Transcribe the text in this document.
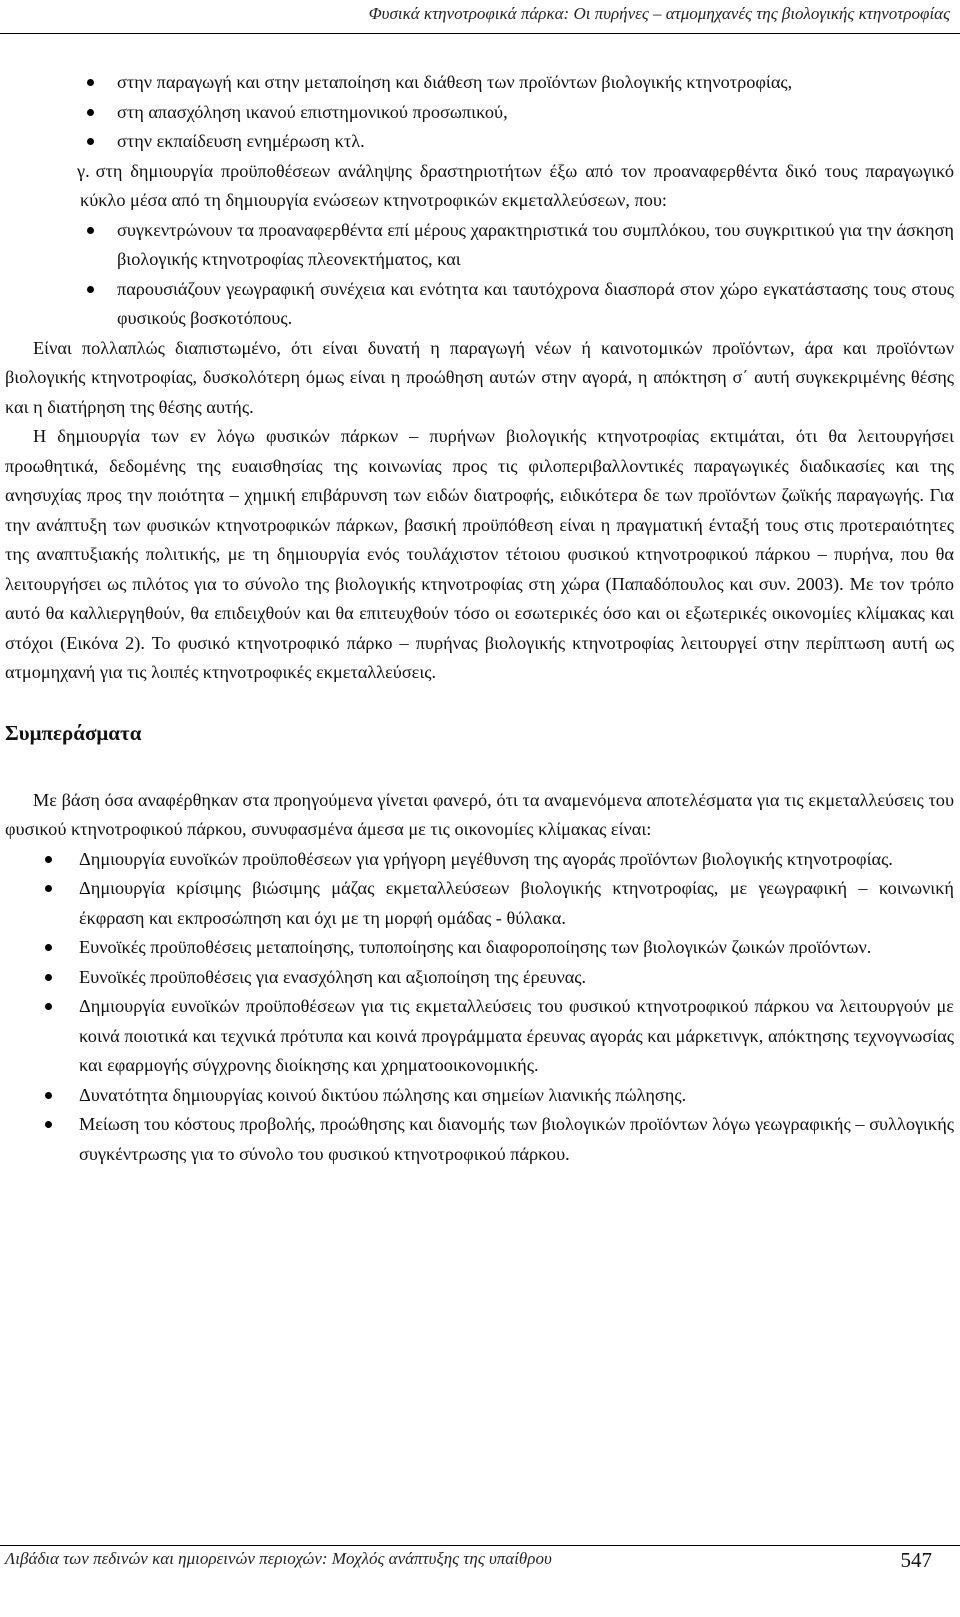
Φυσικά κτηνοτροφικά πάρκα: Οι πυρήνες – ατμομηχανές της βιολογικής κτηνοτροφίας
στην παραγωγή και στην μεταποίηση και διάθεση των προϊόντων βιολογικής κτηνοτροφίας,
στη απασχόληση ικανού επιστημονικού προσωπικού,
στην εκπαίδευση ενημέρωση κτλ.

γ. στη δημιουργία προϋποθέσεων ανάληψης δραστηριοτήτων έξω από τον προαναφερθέντα δικό τους παραγωγικό κύκλο μέσα από τη δημιουργία ενώσεων κτηνοτροφικών εκμεταλλεύσεων, που:

συγκεντρώνουν τα προαναφερθέντα επί μέρους χαρακτηριστικά του συμπλόκου, του συγκριτικού για την άσκηση βιολογικής κτηνοτροφίας πλεονεκτήματος, και
παρουσιάζουν γεωγραφική συνέχεια και ενότητα και ταυτόχρονα διασπορά στον χώρο εγκατάστασης τους στους φυσικούς βοσκοτόπους.

Είναι πολλαπλώς διαπιστωμένο, ότι είναι δυνατή η παραγωγή νέων ή καινοτομικών προϊόντων, άρα και προϊόντων βιολογικής κτηνοτροφίας, δυσκολότερη όμως είναι η προώθηση αυτών στην αγορά, η απόκτηση σ΄ αυτή συγκεκριμένης θέσης και η διατήρηση της θέσης αυτής.

Η δημιουργία των εν λόγω φυσικών πάρκων – πυρήνων βιολογικής κτηνοτροφίας εκτιμάται, ότι θα λειτουργήσει προωθητικά, δεδομένης της ευαισθησίας της κοινωνίας προς τις φιλοπεριβαλλοντικές παραγωγικές διαδικασίες και της ανησυχίας προς την ποιότητα – χημική επιβάρυνση των ειδών διατροφής, ειδικότερα δε των προϊόντων ζωϊκής παραγωγής. Για την ανάπτυξη των φυσικών κτηνοτροφικών πάρκων, βασική προϋπόθεση είναι η πραγματική ένταξή τους στις προτεραιότητες της αναπτυξιακής πολιτικής, με τη δημιουργία ενός τουλάχιστον τέτοιου φυσικού κτηνοτροφικού πάρκου – πυρήνα, που θα λειτουργήσει ως πιλότος για το σύνολο της βιολογικής κτηνοτροφίας στη χώρα (Παπαδόπουλος και συν. 2003). Με τον τρόπο αυτό θα καλλιεργηθούν, θα επιδειχθούν και θα επιτευχθούν τόσο οι εσωτερικές όσο και οι εξωτερικές οικονομίες κλίμακας και στόχοι (Εικόνα 2). Το φυσικό κτηνοτροφικό πάρκο – πυρήνας βιολογικής κτηνοτροφίας λειτουργεί στην περίπτωση αυτή ως ατμομηχανή για τις λοιπές κτηνοτροφικές εκμεταλλεύσεις.

Συμπεράσματα

Με βάση όσα αναφέρθηκαν στα προηγούμενα γίνεται φανερό, ότι τα αναμενόμενα αποτελέσματα για τις εκμεταλλεύσεις του φυσικού κτηνοτροφικού πάρκου, συνυφασμένα άμεσα με τις οικονομίες κλίμακας είναι:

Δημιουργία ευνοϊκών προϋποθέσεων για γρήγορη μεγέθυνση της αγοράς προϊόντων βιολογικής κτηνοτροφίας.
Δημιουργία κρίσιμης βιώσιμης μάζας εκμεταλλεύσεων βιολογικής κτηνοτροφίας, με γεωγραφική – κοινωνική έκφραση και εκπροσώπηση και όχι με τη μορφή ομάδας - θύλακα.
Ευνοϊκές προϋποθέσεις μεταποίησης, τυποποίησης και διαφοροποίησης των βιολογικών ζωικών προϊόντων.
Ευνοϊκές προϋποθέσεις για ενασχόληση και αξιοποίηση της έρευνας.
Δημιουργία ευνοϊκών προϋποθέσεων για τις εκμεταλλεύσεις του φυσικού κτηνοτροφικού πάρκου να λειτουργούν με κοινά ποιοτικά και τεχνικά πρότυπα και κοινά προγράμματα έρευνας αγοράς και μάρκετινγκ, απόκτησης τεχνογνωσίας και εφαρμογής σύγχρονης διοίκησης και χρηματοοικονομικής.
Δυνατότητα δημιουργίας κοινού δικτύου πώλησης και σημείων λιανικής πώλησης.
Μείωση του κόστους προβολής, προώθησης και διανομής των βιολογικών προϊόντων λόγω γεωγραφικής – συλλογικής συγκέντρωσης για το σύνολο του φυσικού κτηνοτροφικού πάρκου.
Λιβάδια των πεδινών και ημιορεινών περιοχών: Μοχλός ανάπτυξης της υπαίθρου	547
